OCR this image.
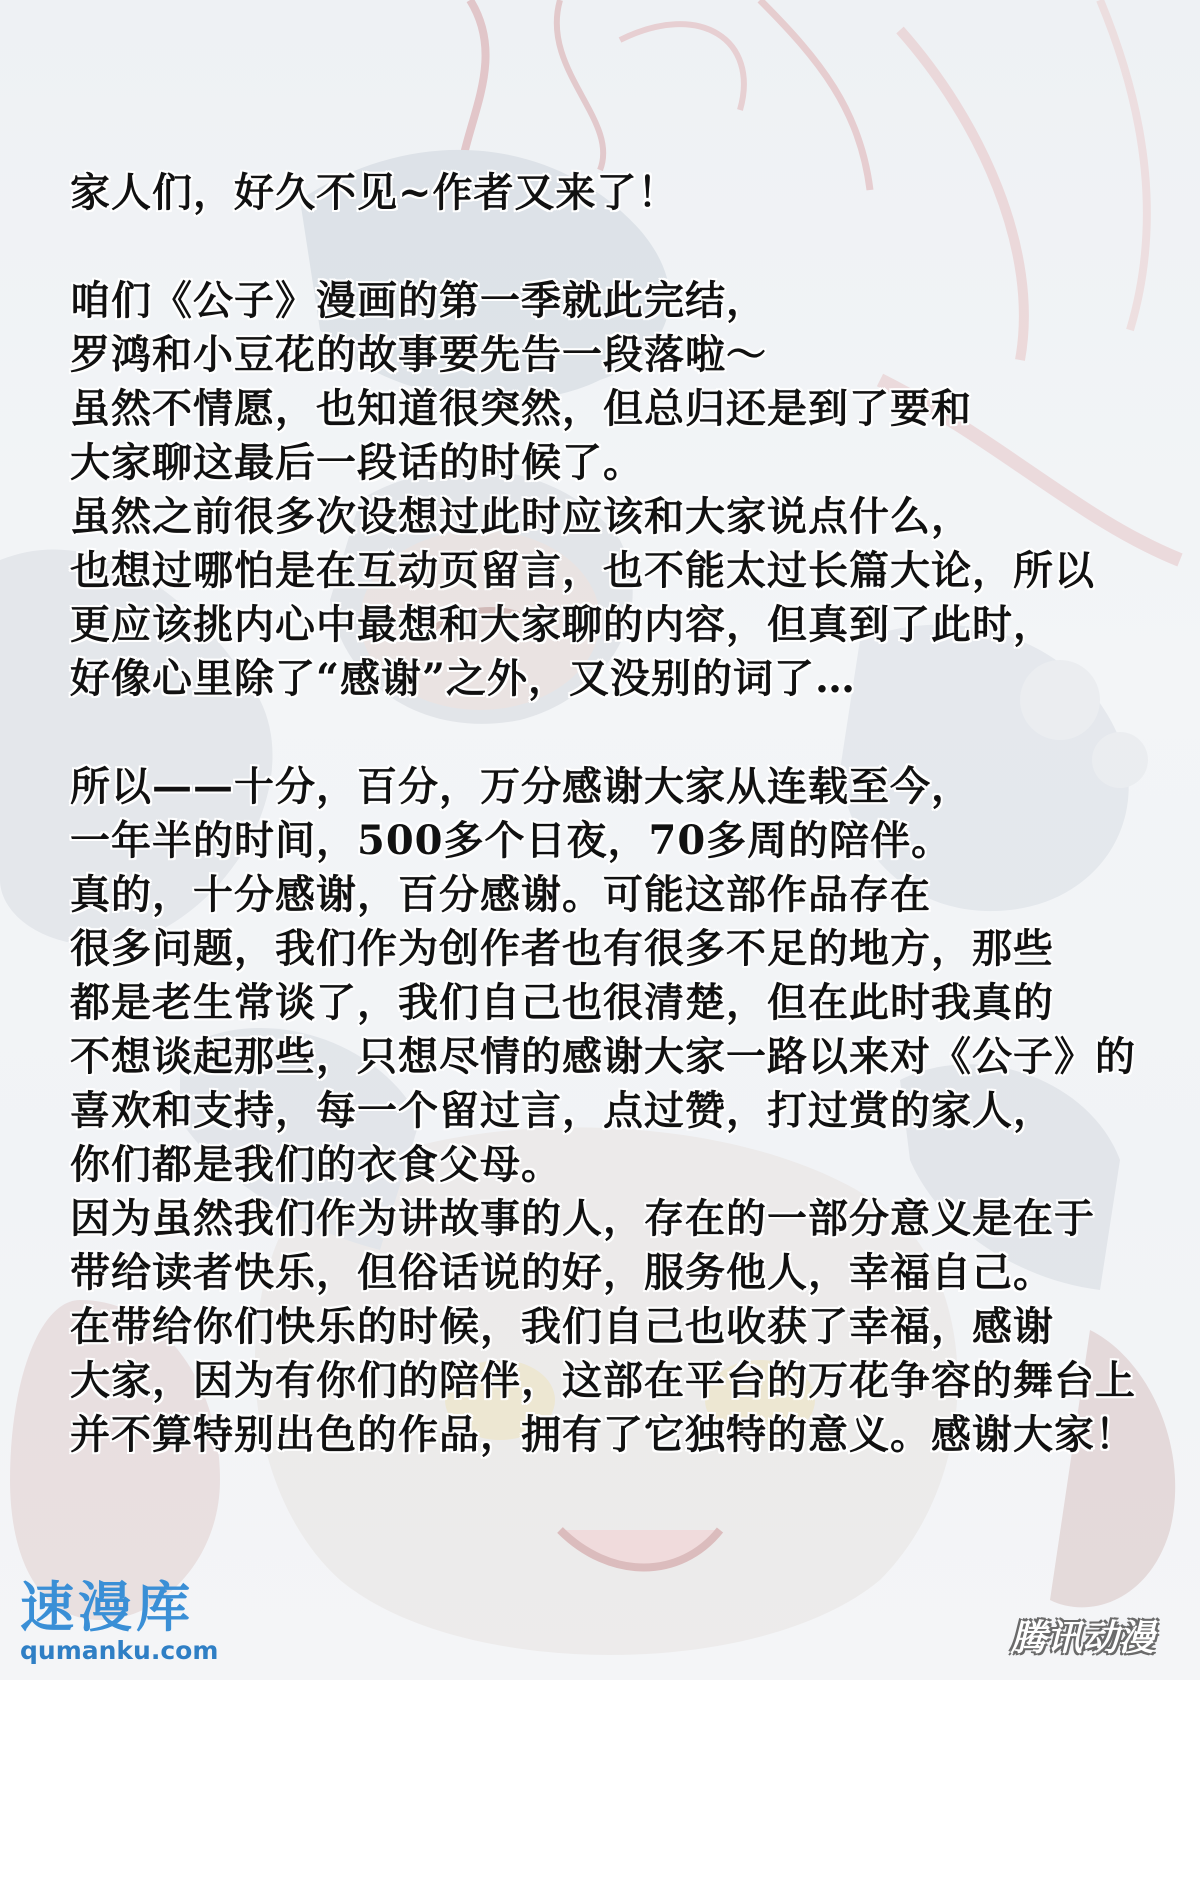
家人们，好久不见~作者又来了！
咱们《公子》漫画的第一季就此完结，
罗鸿和小豆花的故事要先告一段落啦～
虽然不情愿，也知道很突然，但总归还是到了要和
大家聊这最后一段话的时候了。
虽然之前很多次设想过此时应该和大家说点什么，
也想过哪怕是在互动页留言，也不能太过长篇大论，所以
更应该挑内心中最想和大家聊的内容，但真到了此时，
好像心里除了“感谢”之外，又没别的词了…
所以——十分，百分，万分感谢大家从连载至今，
一年半的时间，500多个日夜，70多周的陪伴。
真的，十分感谢，百分感谢。可能这部作品存在
很多问题，我们作为创作者也有很多不足的地方，那些
都是老生常谈了，我们自己也很清楚，但在此时我真的
不想谈起那些，只想尽情的感谢大家一路以来对《公子》的
喜欢和支持，每一个留过言，点过赞，打过赏的家人，
你们都是我们的衣食父母。
因为虽然我们作为讲故事的人，存在的一部分意义是在于
带给读者快乐，但俗话说的好，服务他人，幸福自己。
在带给你们快乐的时候，我们自己也收获了幸福，感谢
大家，因为有你们的陪伴，这部在平台的万花争容的舞台上
并不算特别出色的作品，拥有了它独特的意义。感谢大家！
速漫库
qumanku.com	腾讯动漫
